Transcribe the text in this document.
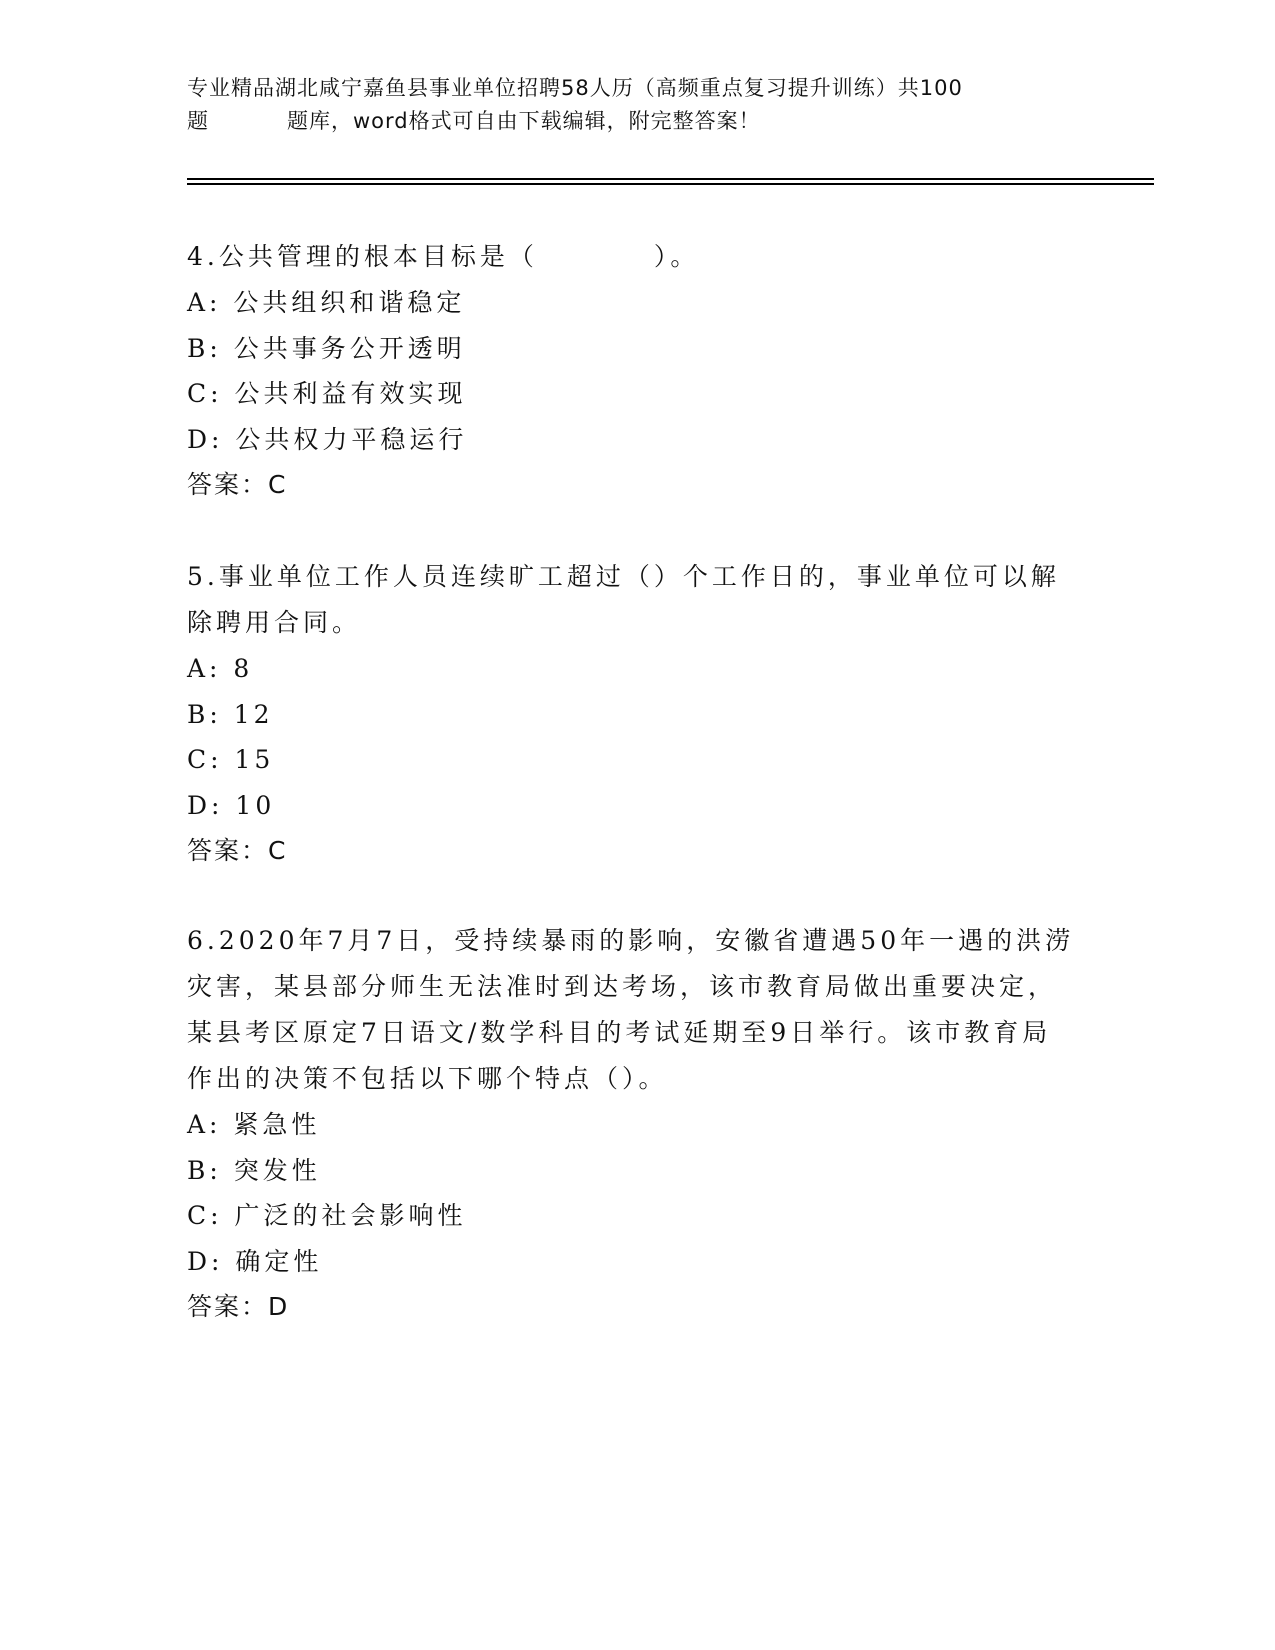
专业精品湖北咸宁嘉鱼县事业单位招聘58人历（高频重点复习提升训练）共100
题	题库，word格式可自由下载编辑，附完整答案！
4.公共管理的根本目标是（　　　　）。
A: 公共组织和谐稳定
B: 公共事务公开透明
C: 公共利益有效实现
D: 公共权力平稳运行
答案：C
5.事业单位工作人员连续旷工超过（）个工作日的，事业单位可以解
除聘用合同。
A: 8
B: 12
C: 15
D: 10
答案：C
6.2020年7月7日，受持续暴雨的影响，安徽省遭遇50年一遇的洪涝
灾害，某县部分师生无法准时到达考场，该市教育局做出重要决定，
某县考区原定7日语文/数学科目的考试延期至9日举行。该市教育局
作出的决策不包括以下哪个特点（）。
A: 紧急性
B: 突发性
C: 广泛的社会影响性
D: 确定性
答案：D
